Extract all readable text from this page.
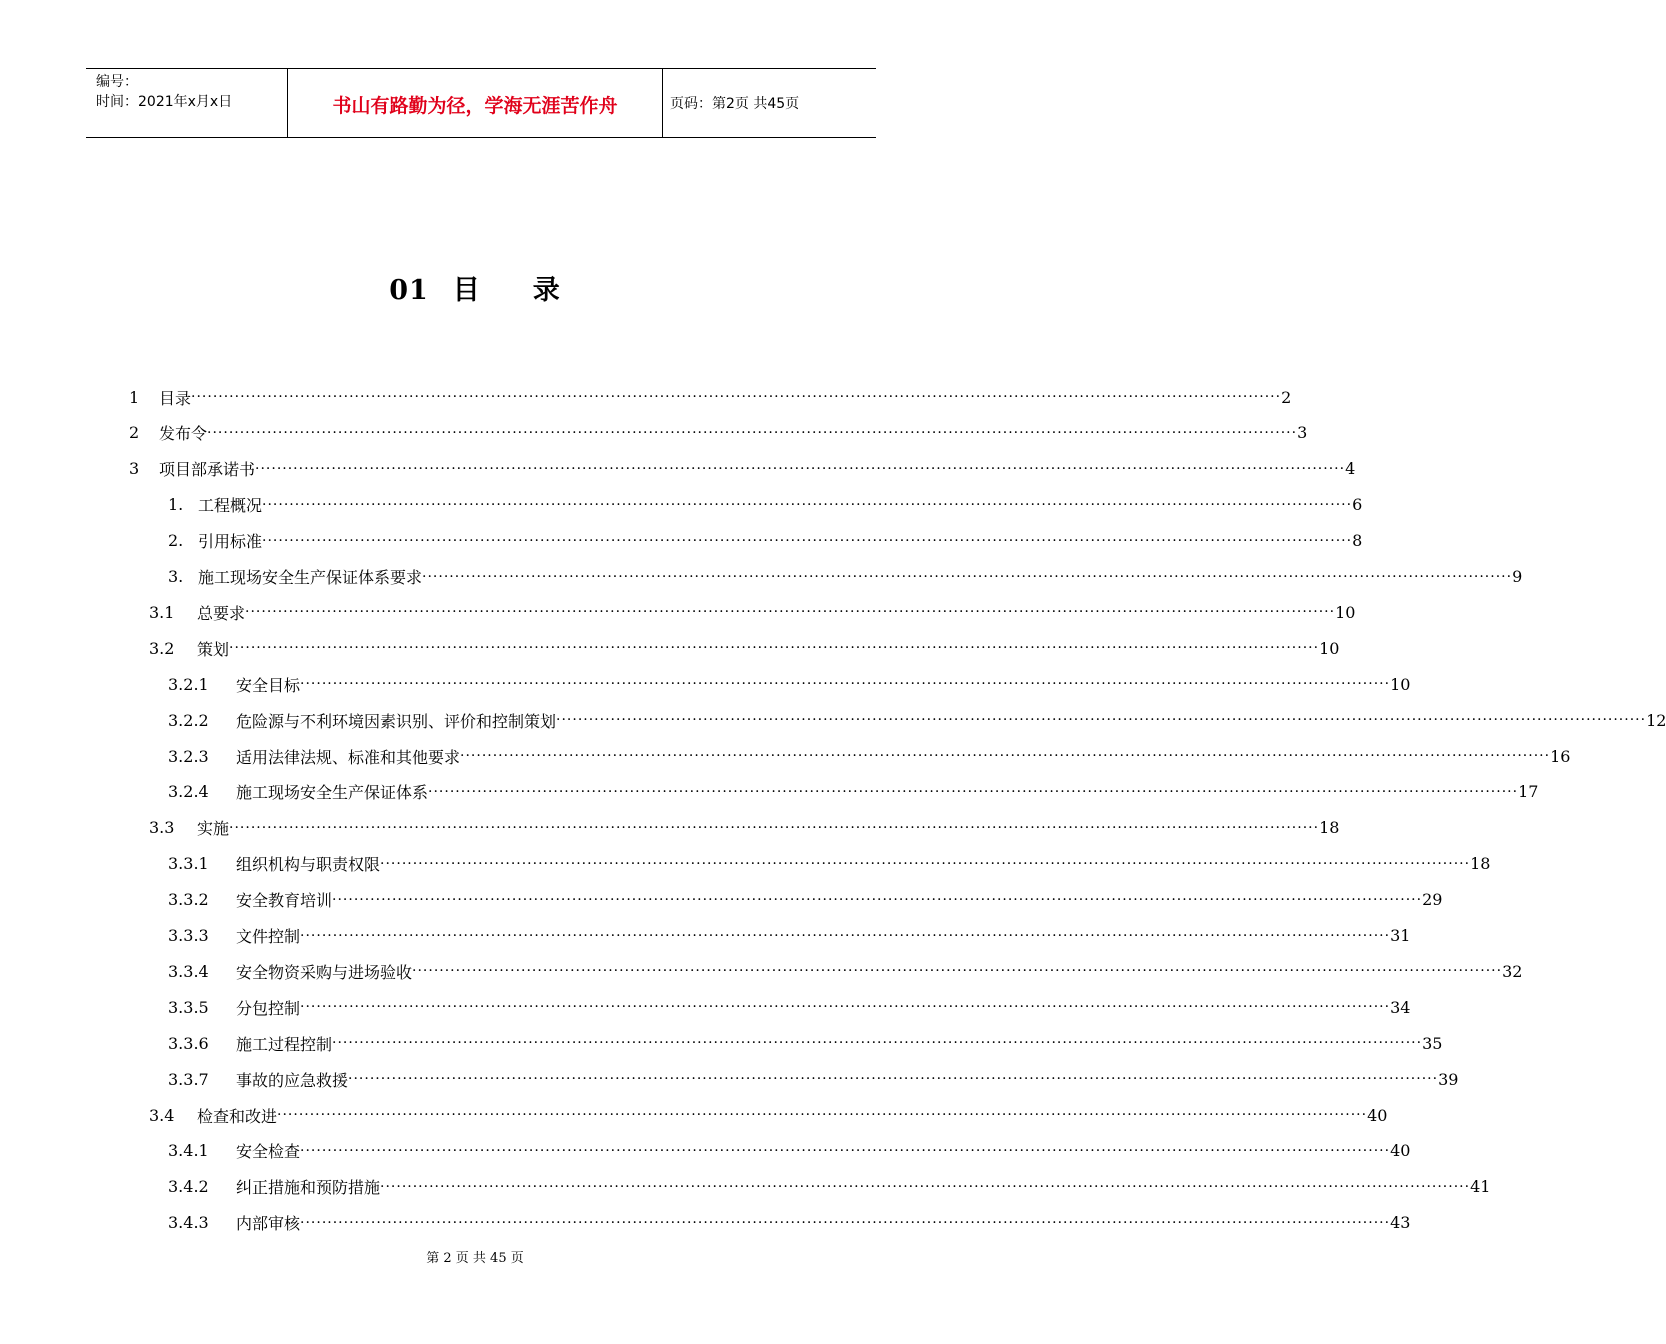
编号：
时间：2021年x月x日	书山有路勤为径，学海无涯苦作舟	页码：第2页 共45页
01 目 录
1	目录 ········································································································································································································ 2
2	发布令 ········································································································································································································ 3
3	项目部承诺书 ········································································································································································································ 4
1. 工程概况 ········································································································································································································ 6
2. 引用标准 ········································································································································································································ 8
3. 施工现场安全生产保证体系要求 ········································································································································································································ 9
3.1	总要求 ········································································································································································································ 10
3.2	策划 ········································································································································································································ 10
3.2.1	安全目标 ········································································································································································································ 10
3.2.2	危险源与不利环境因素识别、评价和控制策划 ········································································································································································································ 12
3.2.3	适用法律法规、标准和其他要求 ········································································································································································································ 16
3.2.4	施工现场安全生产保证体系 ········································································································································································································ 17
3.3	实施 ········································································································································································································ 18
3.3.1	组织机构与职责权限 ········································································································································································································ 18
3.3.2	安全教育培训 ········································································································································································································ 29
3.3.3	文件控制 ········································································································································································································ 31
3.3.4	安全物资采购与进场验收 ········································································································································································································ 32
3.3.5	分包控制 ········································································································································································································ 34
3.3.6	施工过程控制 ········································································································································································································ 35
3.3.7	事故的应急救援 ········································································································································································································ 39
3.4	检查和改进 ········································································································································································································ 40
3.4.1	安全检查 ········································································································································································································ 40
3.4.2	纠正措施和预防措施 ········································································································································································································ 41
3.4.3	内部审核 ········································································································································································································ 43
第 2 页 共 45 页
